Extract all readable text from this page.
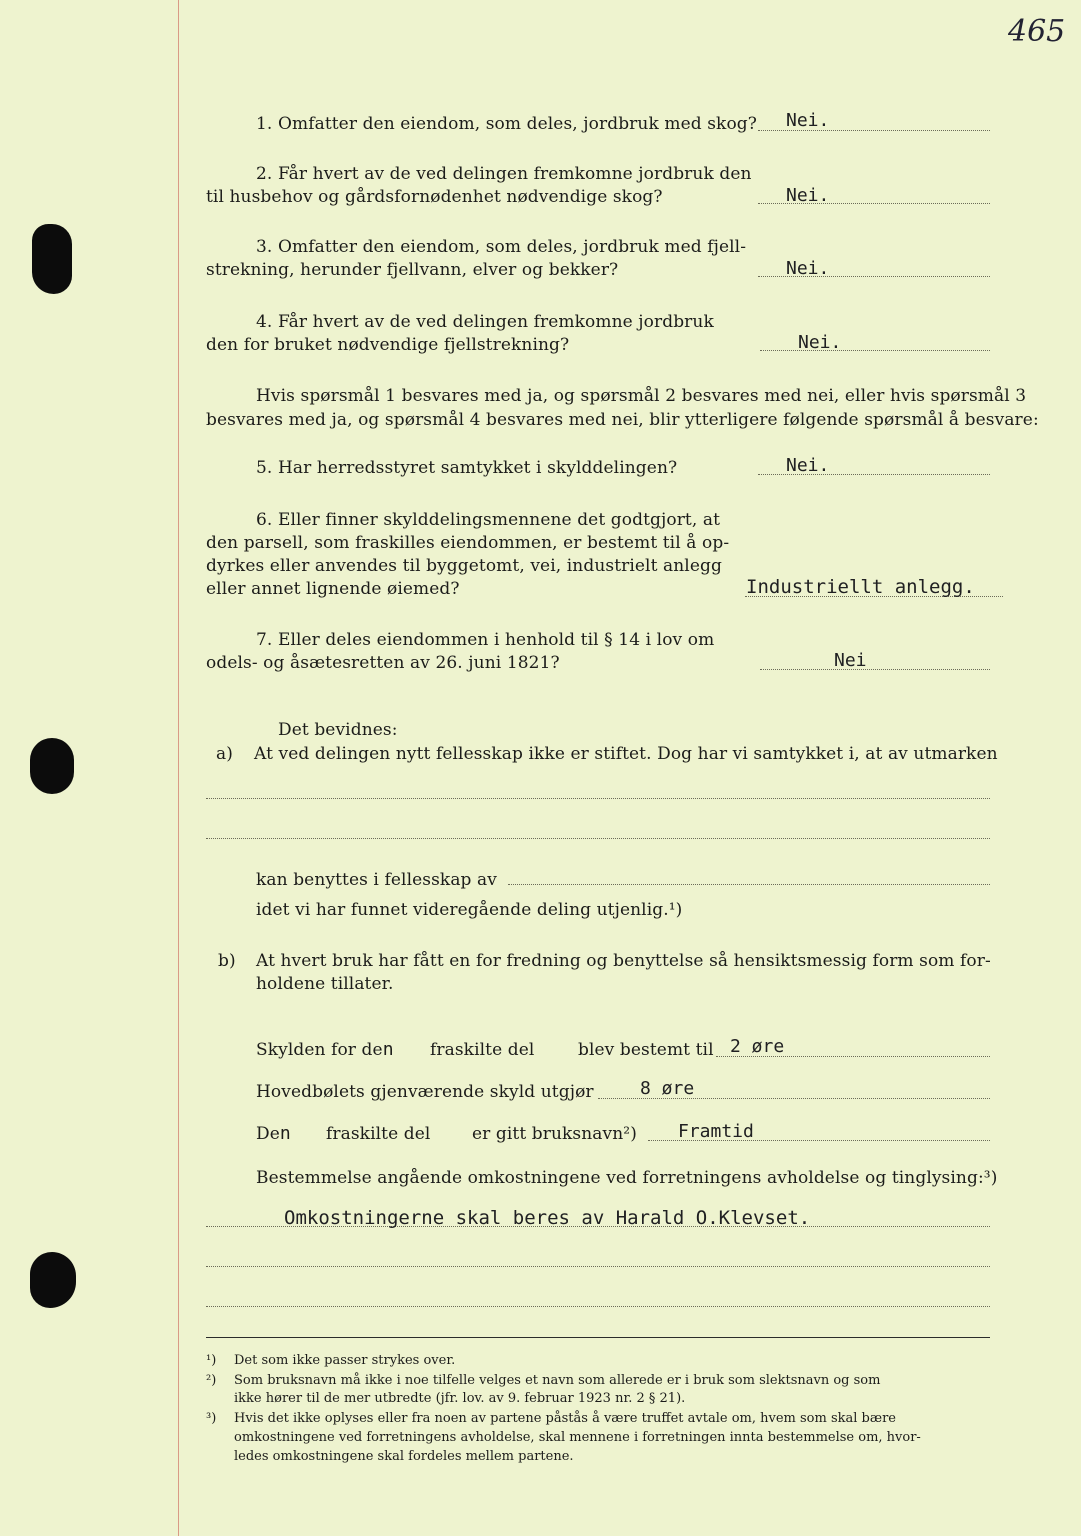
465
1. Omfatter den eiendom, som deles, jordbruk med skog? Nei.
2. Får hvert av de ved delingen fremkomne jordbruk den
til husbehov og gårdsfornødenhet nødvendige skog?	Nei.
3. Omfatter den eiendom, som deles, jordbruk med fjell-
strekning, herunder fjellvann, elver og bekker?	Nei.
4. Får hvert av de ved delingen fremkomne jordbruk
den for bruket nødvendige fjellstrekning?	Nei.
Hvis spørsmål 1 besvares med ja, og spørsmål 2 besvares med nei, eller hvis spørsmål 3
besvares med ja, og spørsmål 4 besvares med nei, blir ytterligere følgende spørsmål å besvare:
5. Har herredsstyret samtykket i skylddelingen?	Nei.
6. Eller finner skylddelingsmennene det godtgjort, at
den parsell, som fraskilles eiendommen, er bestemt til å op-
dyrkes eller anvendes til byggetomt, vei, industrielt anlegg
eller annet lignende øiemed?	Industriellt anlegg.
7. Eller deles eiendommen i henhold til § 14 i lov om
odels- og åsætesretten av 26. juni 1821?	Nei
Det bevidnes:
a) At ved delingen nytt fellesskap ikke er stiftet. Dog har vi samtykket i, at av utmarken
kan benyttes i fellesskap av
idet vi har funnet videregående deling utjenlig.¹)
b) At hvert bruk har fått en for fredning og benyttelse så hensiktsmessig form som for-
holdene tillater.
Skylden for den fraskilte del	blev bestemt til 2 øre
Hovedbølets gjenværende skyld utgjør	8 øre
Den fraskilte del er gitt bruksnavn²) Framtid
Bestemmelse angående omkostningene ved forretningens avholdelse og tinglysing:³)
Omkostningerne skal beres av Harald O.Klevset.
¹) Det som ikke passer strykes over.
²) Som bruksnavn må ikke i noe tilfelle velges et navn som allerede er i bruk som slektsnavn og som
ikke hører til de mer utbredte (jfr. lov. av 9. februar 1923 nr. 2 § 21).
³) Hvis det ikke oplyses eller fra noen av partene påstås å være truffet avtale om, hvem som skal bære
omkostningene ved forretningens avholdelse, skal mennene i forretningen innta bestemmelse om, hvor-
ledes omkostningene skal fordeles mellem partene.
